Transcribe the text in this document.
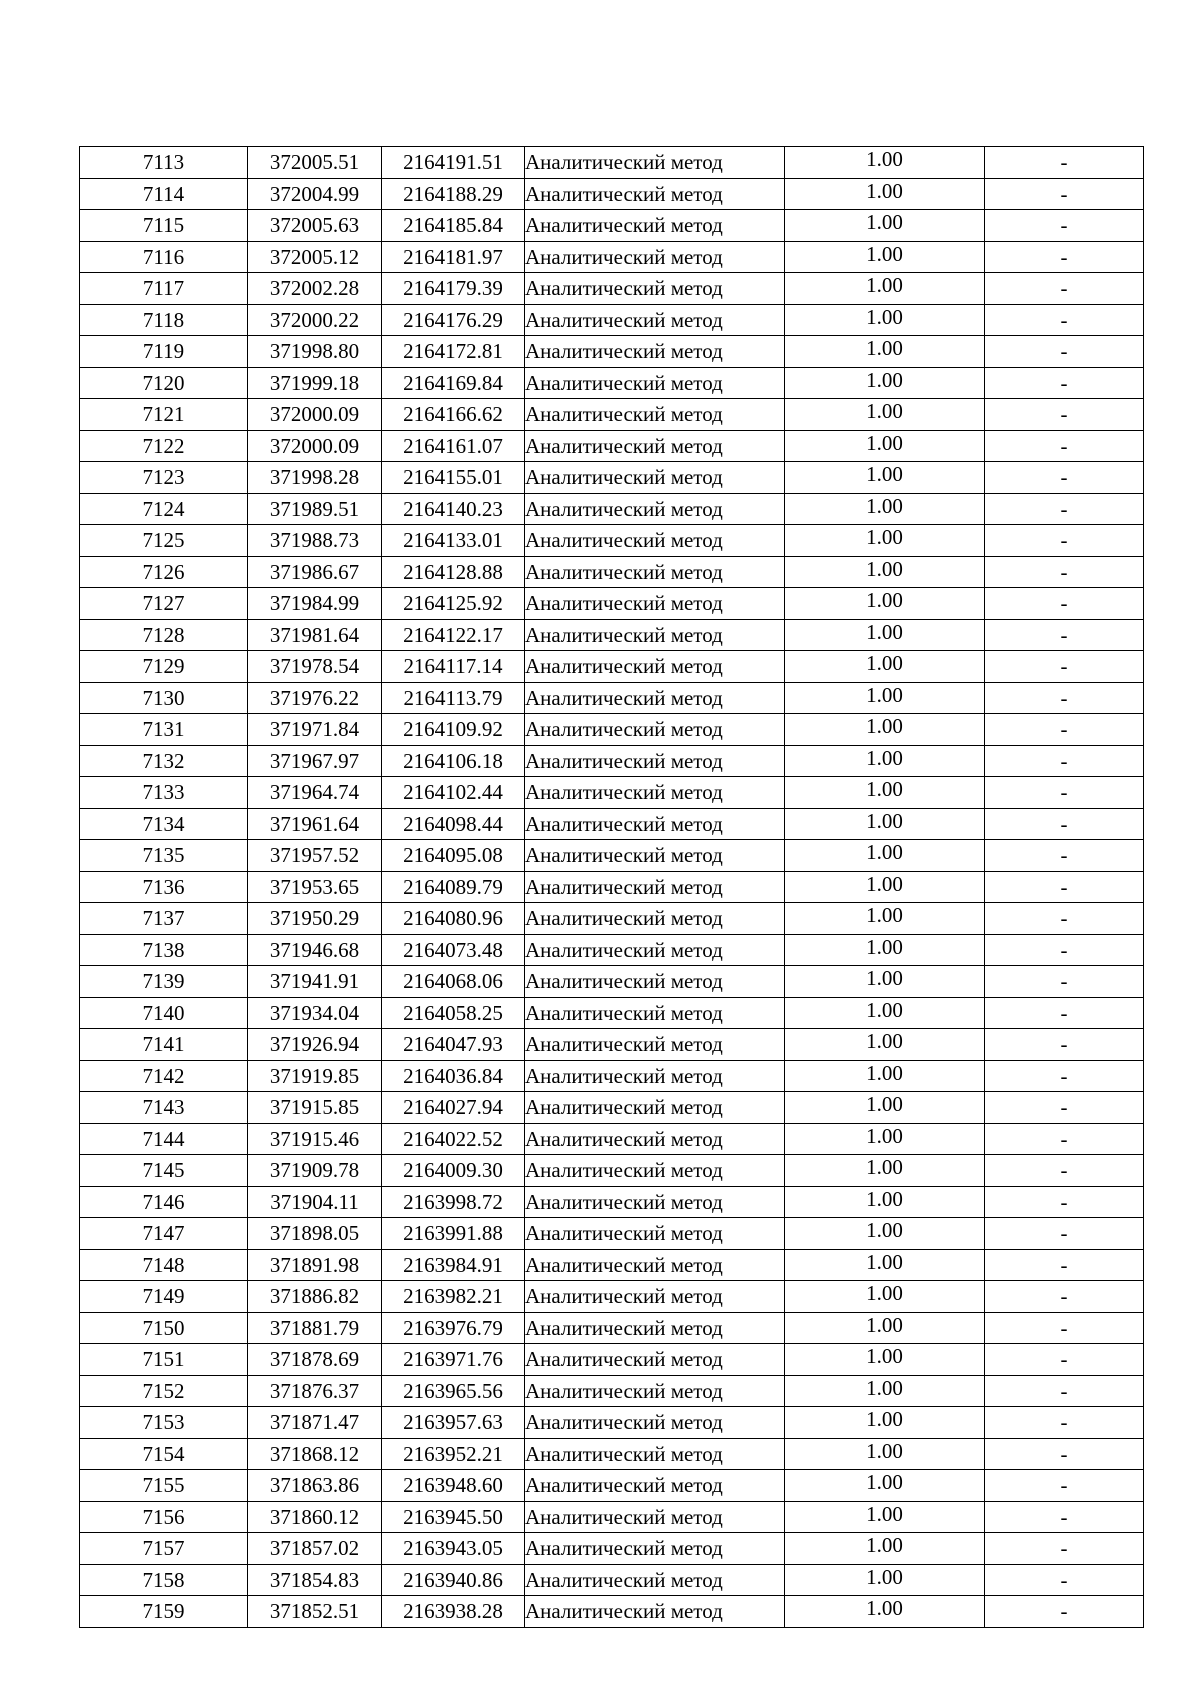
7113	372005.51	2164191.51	Аналитический метод	1.00	-
7114	372004.99	2164188.29	Аналитический метод	1.00	-
7115	372005.63	2164185.84	Аналитический метод	1.00	-
7116	372005.12	2164181.97	Аналитический метод	1.00	-
7117	372002.28	2164179.39	Аналитический метод	1.00	-
7118	372000.22	2164176.29	Аналитический метод	1.00	-
7119	371998.80	2164172.81	Аналитический метод	1.00	-
7120	371999.18	2164169.84	Аналитический метод	1.00	-
7121	372000.09	2164166.62	Аналитический метод	1.00	-
7122	372000.09	2164161.07	Аналитический метод	1.00	-
7123	371998.28	2164155.01	Аналитический метод	1.00	-
7124	371989.51	2164140.23	Аналитический метод	1.00	-
7125	371988.73	2164133.01	Аналитический метод	1.00	-
7126	371986.67	2164128.88	Аналитический метод	1.00	-
7127	371984.99	2164125.92	Аналитический метод	1.00	-
7128	371981.64	2164122.17	Аналитический метод	1.00	-
7129	371978.54	2164117.14	Аналитический метод	1.00	-
7130	371976.22	2164113.79	Аналитический метод	1.00	-
7131	371971.84	2164109.92	Аналитический метод	1.00	-
7132	371967.97	2164106.18	Аналитический метод	1.00	-
7133	371964.74	2164102.44	Аналитический метод	1.00	-
7134	371961.64	2164098.44	Аналитический метод	1.00	-
7135	371957.52	2164095.08	Аналитический метод	1.00	-
7136	371953.65	2164089.79	Аналитический метод	1.00	-
7137	371950.29	2164080.96	Аналитический метод	1.00	-
7138	371946.68	2164073.48	Аналитический метод	1.00	-
7139	371941.91	2164068.06	Аналитический метод	1.00	-
7140	371934.04	2164058.25	Аналитический метод	1.00	-
7141	371926.94	2164047.93	Аналитический метод	1.00	-
7142	371919.85	2164036.84	Аналитический метод	1.00	-
7143	371915.85	2164027.94	Аналитический метод	1.00	-
7144	371915.46	2164022.52	Аналитический метод	1.00	-
7145	371909.78	2164009.30	Аналитический метод	1.00	-
7146	371904.11	2163998.72	Аналитический метод	1.00	-
7147	371898.05	2163991.88	Аналитический метод	1.00	-
7148	371891.98	2163984.91	Аналитический метод	1.00	-
7149	371886.82	2163982.21	Аналитический метод	1.00	-
7150	371881.79	2163976.79	Аналитический метод	1.00	-
7151	371878.69	2163971.76	Аналитический метод	1.00	-
7152	371876.37	2163965.56	Аналитический метод	1.00	-
7153	371871.47	2163957.63	Аналитический метод	1.00	-
7154	371868.12	2163952.21	Аналитический метод	1.00	-
7155	371863.86	2163948.60	Аналитический метод	1.00	-
7156	371860.12	2163945.50	Аналитический метод	1.00	-
7157	371857.02	2163943.05	Аналитический метод	1.00	-
7158	371854.83	2163940.86	Аналитический метод	1.00	-
7159	371852.51	2163938.28	Аналитический метод	1.00	-
